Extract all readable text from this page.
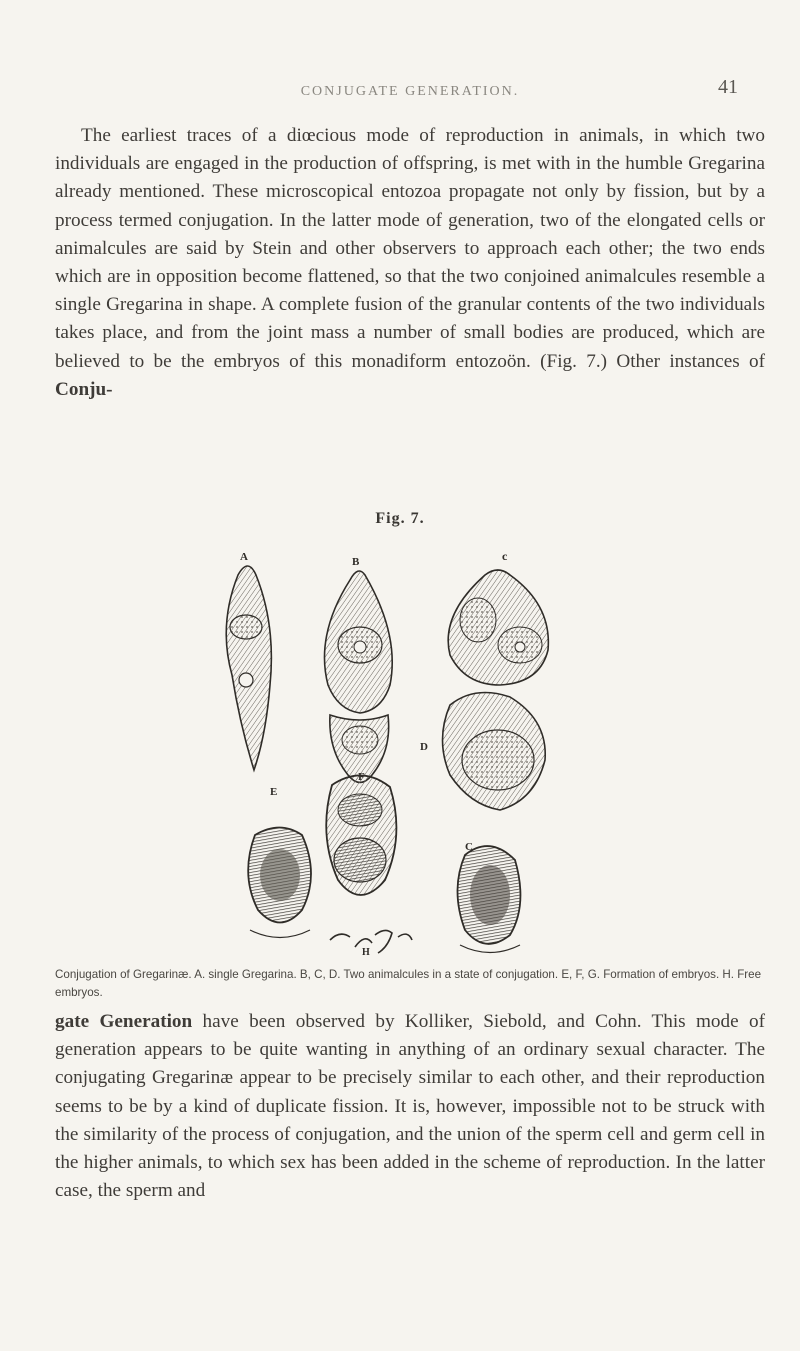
CONJUGATE GENERATION.	41
The earliest traces of a diœcious mode of reproduction in animals, in which two individuals are engaged in the production of offspring, is met with in the humble Gregarina already mentioned. These microscopical entozoa propagate not only by fission, but by a process termed conjugation. In the latter mode of generation, two of the elongated cells or animalcules are said by Stein and other observers to approach each other; the two ends which are in opposition become flattened, so that the two conjoined animalcules resemble a single Gregarina in shape. A complete fusion of the granular contents of the two individuals takes place, and from the joint mass a number of small bodies are produced, which are believed to be the embryos of this monadiform entozoön. (Fig. 7.) Other instances of Conju-
Fig. 7.
A	B	c
D
E
F
C
H
Conjugation of Gregarinæ. A. single Gregarina. B, C, D. Two animalcules in a state of conjugation. E, F, G. Formation of embryos. H. Free embryos.
gate Generation have been observed by Kolliker, Siebold, and Cohn. This mode of generation appears to be quite wanting in anything of an ordinary sexual character. The conjugating Gregarinæ appear to be precisely similar to each other, and their reproduction seems to be by a kind of duplicate fission. It is, however, impossible not to be struck with the similarity of the process of conjugation, and the union of the sperm cell and germ cell in the higher animals, to which sex has been added in the scheme of reproduction. In the latter case, the sperm and
